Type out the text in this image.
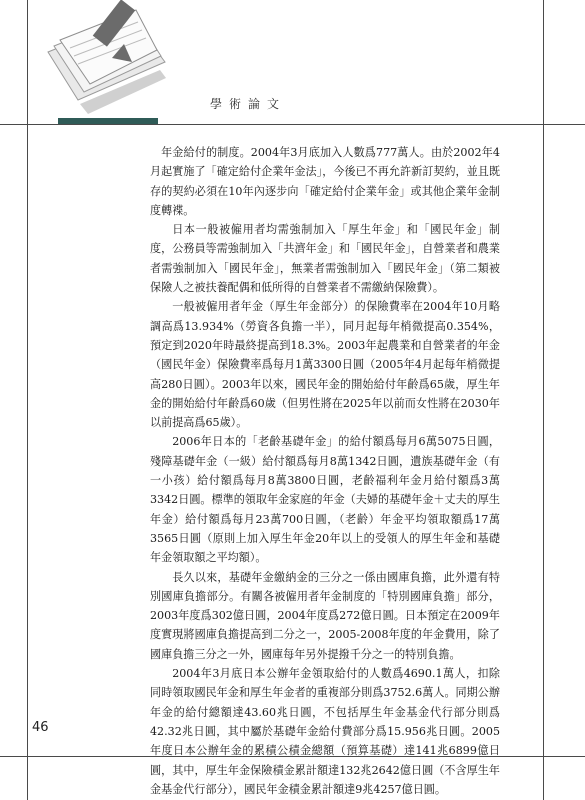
學術論文

年金給付的制度。2004年3月底加入人數爲777萬人。由於2002年4月起實施了「確定給付企業年金法」，今後已不再允許新訂契約，並且既存的契約必須在10年內逐步向「確定給付企業年金」或其他企業年金制度轉褋。

日本一般被僱用者均需強制加入「厚生年金」和「國民年金」制度，公務員等需強制加入「共濟年金」和「國民年金」，自營業者和農業者需強制加入「國民年金」，無業者需強制加入「國民年金」（第二類被保險人之被扶養配偶和低所得的自營業者不需繳納保險費）。

一般被僱用者年金（厚生年金部分）的保險費率在2004年10月略調高爲13.934%（勞資各負擔一半），同月起每年梢微提高0.354%，預定到2020年時最終提高到18.3%。2003年起農業和自營業者的年金（國民年金）保險費率爲每月1萬3300日圓（2005年4月起每年梢微提高280日圓）。2003年以來，國民年金的開始給付年齡爲65歲，厚生年金的開始給付年齡爲60歲（但男性將在2025年以前而女性將在2030年以前提高爲65歲）。

2006年日本的「老齡基礎年金」的給付額爲每月6萬5075日圓，殘障基礎年金（一級）給付額爲每月8萬1342日圓，遺族基礎年金（有一小孩）給付額爲每月8萬3800日圓，老齡福利年金月給付額爲3萬3342日圓。標準的領取年金家庭的年金（夫婦的基礎年金＋丈夫的厚生年金）給付額爲每月23萬700日圓，（老齡）年金平均領取額爲17萬3565日圓（原則上加入厚生年金20年以上的受領人的厚生年金和基礎年金領取額之平均額）。

長久以來，基礎年金繳納金的三分之一係由國庫負擔，此外還有特別國庫負擔部分。有關各被僱用者年金制度的「特別國庫負擔」部分，2003年度爲302億日圓，2004年度爲272億日圓。日本預定在2009年度實現將國庫負擔提高到二分之一，2005-2008年度的年金費用，除了國庫負擔三分之一外，國庫每年另外提撥千分之一的特別負擔。

2004年3月底日本公辦年金領取給付的人數爲4690.1萬人，扣除同時領取國民年金和厚生年金者的重複部分則爲3752.6萬人。同期公辦年金的給付總額達43.60兆日圓，不包括厚生年金基金代行部分則爲42.32兆日圓，其中屬於基礎年金給付費部分爲15.956兆日圓。2005年度日本公辦年金的累積公積金總額（預算基礎）達141兆6899億日圓，其中，厚生年金保險積金累計額達132兆2642億日圓（不含厚生年金基金代行部分），國民年金積金累計額達9兆4257億日圓。

46
